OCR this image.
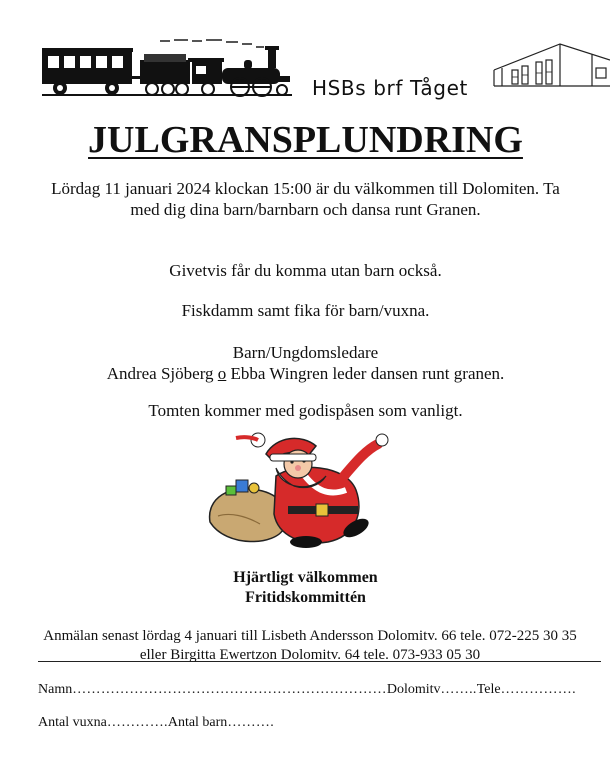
HSBs brf Tåget
JULGRANSPLUNDRING
Lördag 11 januari 2024 klockan 15:00 är du välkommen till Dolomiten. Ta med dig dina barn/barnbarn och dansa runt Granen.
Givetvis får du komma utan barn också.
Fiskdamm samt fika för barn/vuxna.
Barn/Ungdomsledare
Andrea Sjöberg o Ebba Wingren leder dansen runt granen.
Tomten kommer med godispåsen som vanligt.
Hjärtligt välkommen
Fritidskommittén
Anmälan senast lördag 4 januari till Lisbeth Andersson Dolomitv. 66 tele. 072-225 30 35
eller Birgitta Ewertzon Dolomitv. 64 tele. 073-933 05 30
Namn…………………………………………………………Dolomitv……..Tele…………….
Antal vuxna………….Antal barn……….
